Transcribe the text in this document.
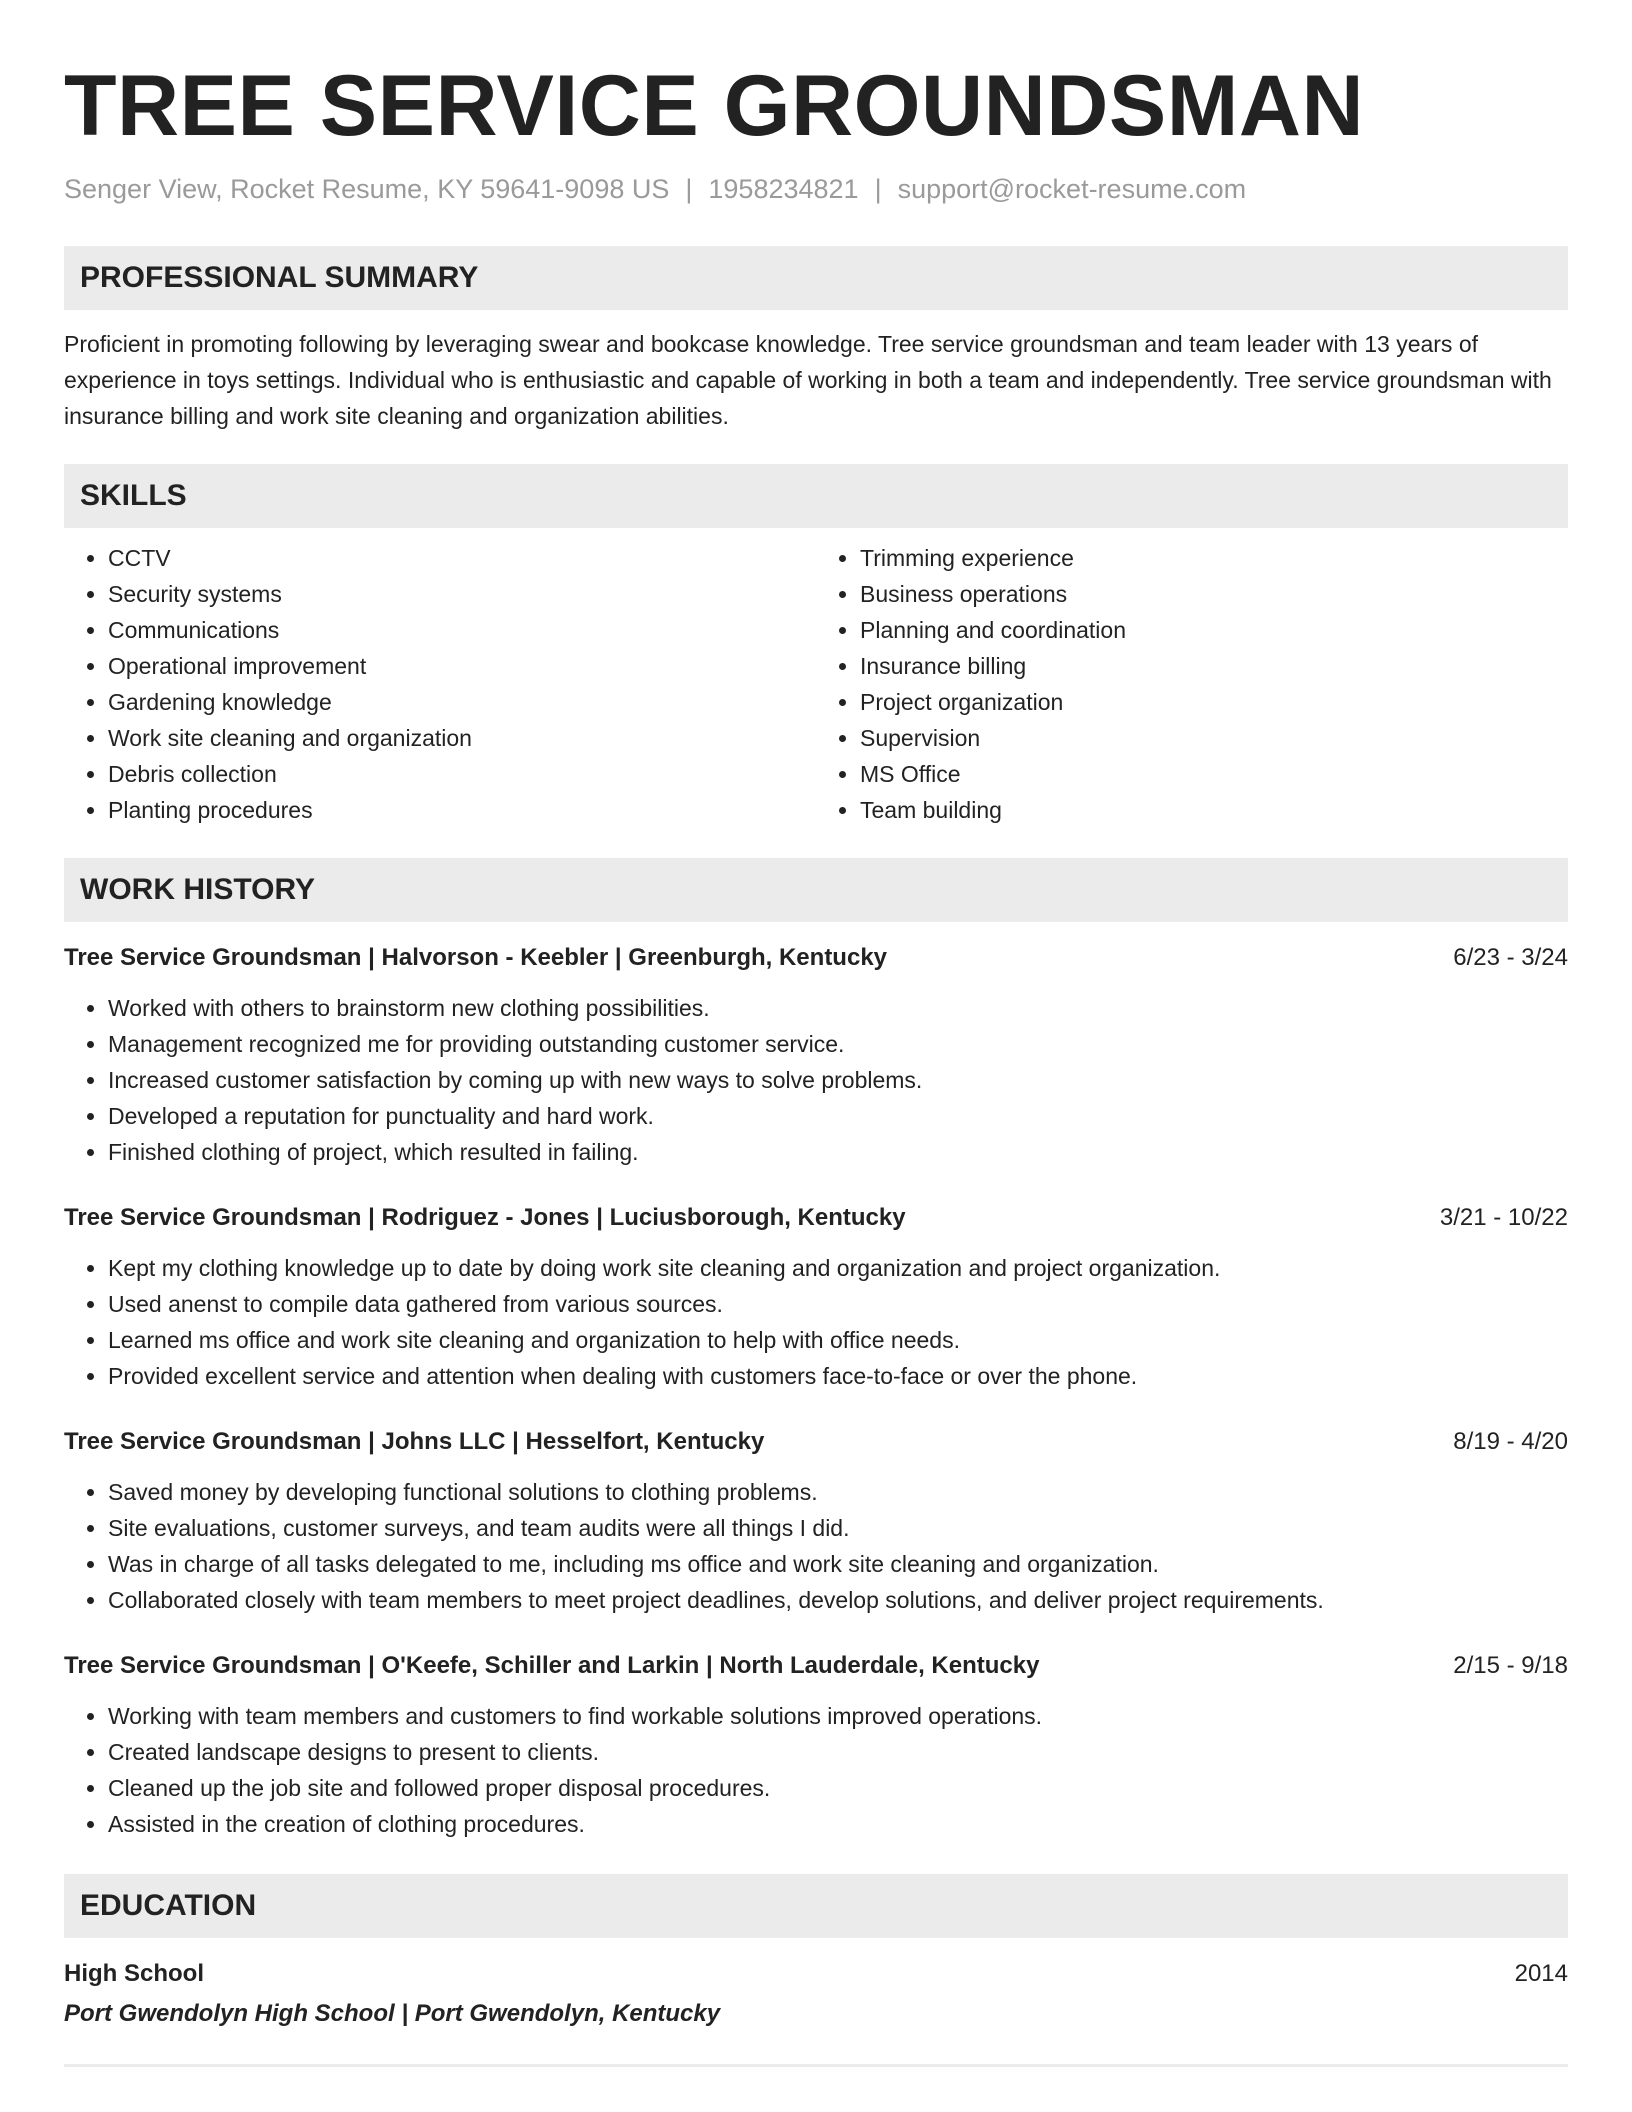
TREE SERVICE GROUNDSMAN
Senger View, Rocket Resume, KY 59641-9098 US | 1958234821 | support@rocket-resume.com
PROFESSIONAL SUMMARY

Proficient in promoting following by leveraging swear and bookcase knowledge. Tree service groundsman and team leader with 13 years of experience in toys settings. Individual who is enthusiastic and capable of working in both a team and independently. Tree service groundsman with insurance billing and work site cleaning and organization abilities.

SKILLS
• CCTV
• Security systems
• Communications
• Operational improvement
• Gardening knowledge
• Work site cleaning and organization
• Debris collection
• Planting procedures
• Trimming experience
• Business operations
• Planning and coordination
• Insurance billing
• Project organization
• Supervision
• MS Office
• Team building
WORK HISTORY
Tree Service Groundsman | Halvorson - Keebler | Greenburgh, Kentucky	6/23 - 3/24
• Worked with others to brainstorm new clothing possibilities.
• Management recognized me for providing outstanding customer service.
• Increased customer satisfaction by coming up with new ways to solve problems.
• Developed a reputation for punctuality and hard work.
• Finished clothing of project, which resulted in failing.
Tree Service Groundsman | Rodriguez - Jones | Luciusborough, Kentucky	3/21 - 10/22
• Kept my clothing knowledge up to date by doing work site cleaning and organization and project organization.
• Used anenst to compile data gathered from various sources.
• Learned ms office and work site cleaning and organization to help with office needs.
• Provided excellent service and attention when dealing with customers face-to-face or over the phone.
Tree Service Groundsman | Johns LLC | Hesselfort, Kentucky	8/19 - 4/20
• Saved money by developing functional solutions to clothing problems.
• Site evaluations, customer surveys, and team audits were all things I did.
• Was in charge of all tasks delegated to me, including ms office and work site cleaning and organization.
• Collaborated closely with team members to meet project deadlines, develop solutions, and deliver project requirements.
Tree Service Groundsman | O'Keefe, Schiller and Larkin | North Lauderdale, Kentucky	2/15 - 9/18
• Working with team members and customers to find workable solutions improved operations.
• Created landscape designs to present to clients.
• Cleaned up the job site and followed proper disposal procedures.
• Assisted in the creation of clothing procedures.
EDUCATION
High School	2014
Port Gwendolyn High School | Port Gwendolyn, Kentucky
